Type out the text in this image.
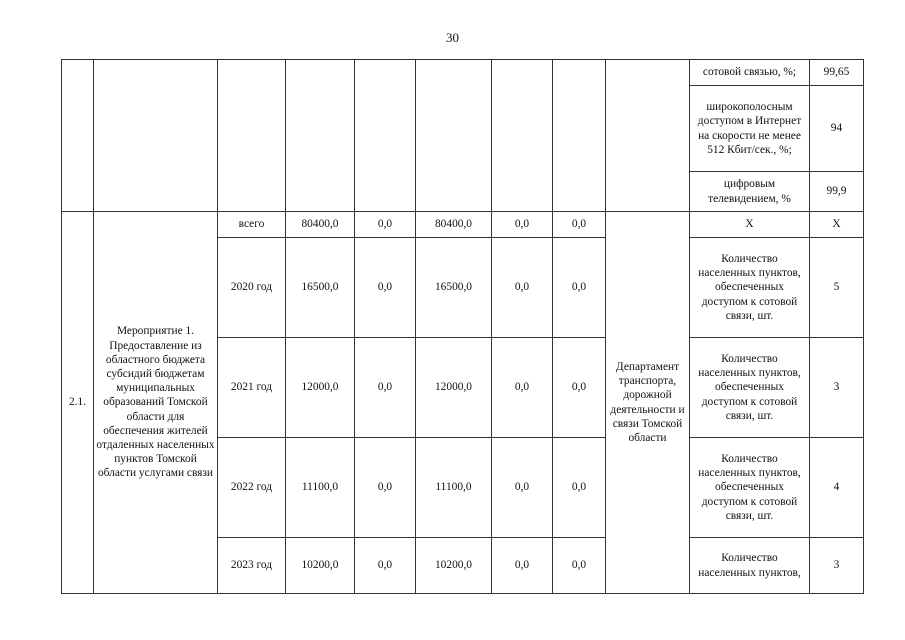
30
									сотовой связью, %;	99,65
									широкополосным доступом в Интернет на скорости не менее 512 Кбит/сек., %;	94
									цифровым телевидением, %	99,9
2.1.	Мероприятие 1. Предоставление из областного бюджета субсидий бюджетам муниципальных образований Томской области для обеспечения жителей отдаленных населенных пунктов Томской области услугами связи	всего	80400,0	0,0	80400,0	0,0	0,0	Департамент транспорта, дорожной деятельности и связи Томской области	X	X
		2020 год	16500,0	0,0	16500,0	0,0	0,0		Количество населенных пунктов, обеспеченных доступом к сотовой связи, шт.	5
		2021 год	12000,0	0,0	12000,0	0,0	0,0		Количество населенных пунктов, обеспеченных доступом к сотовой связи, шт.	3
		2022 год	11100,0	0,0	11100,0	0,0	0,0		Количество населенных пунктов, обеспеченных доступом к сотовой связи, шт.	4
		2023 год	10200,0	0,0	10200,0	0,0	0,0		Количество населенных пунктов,	3
